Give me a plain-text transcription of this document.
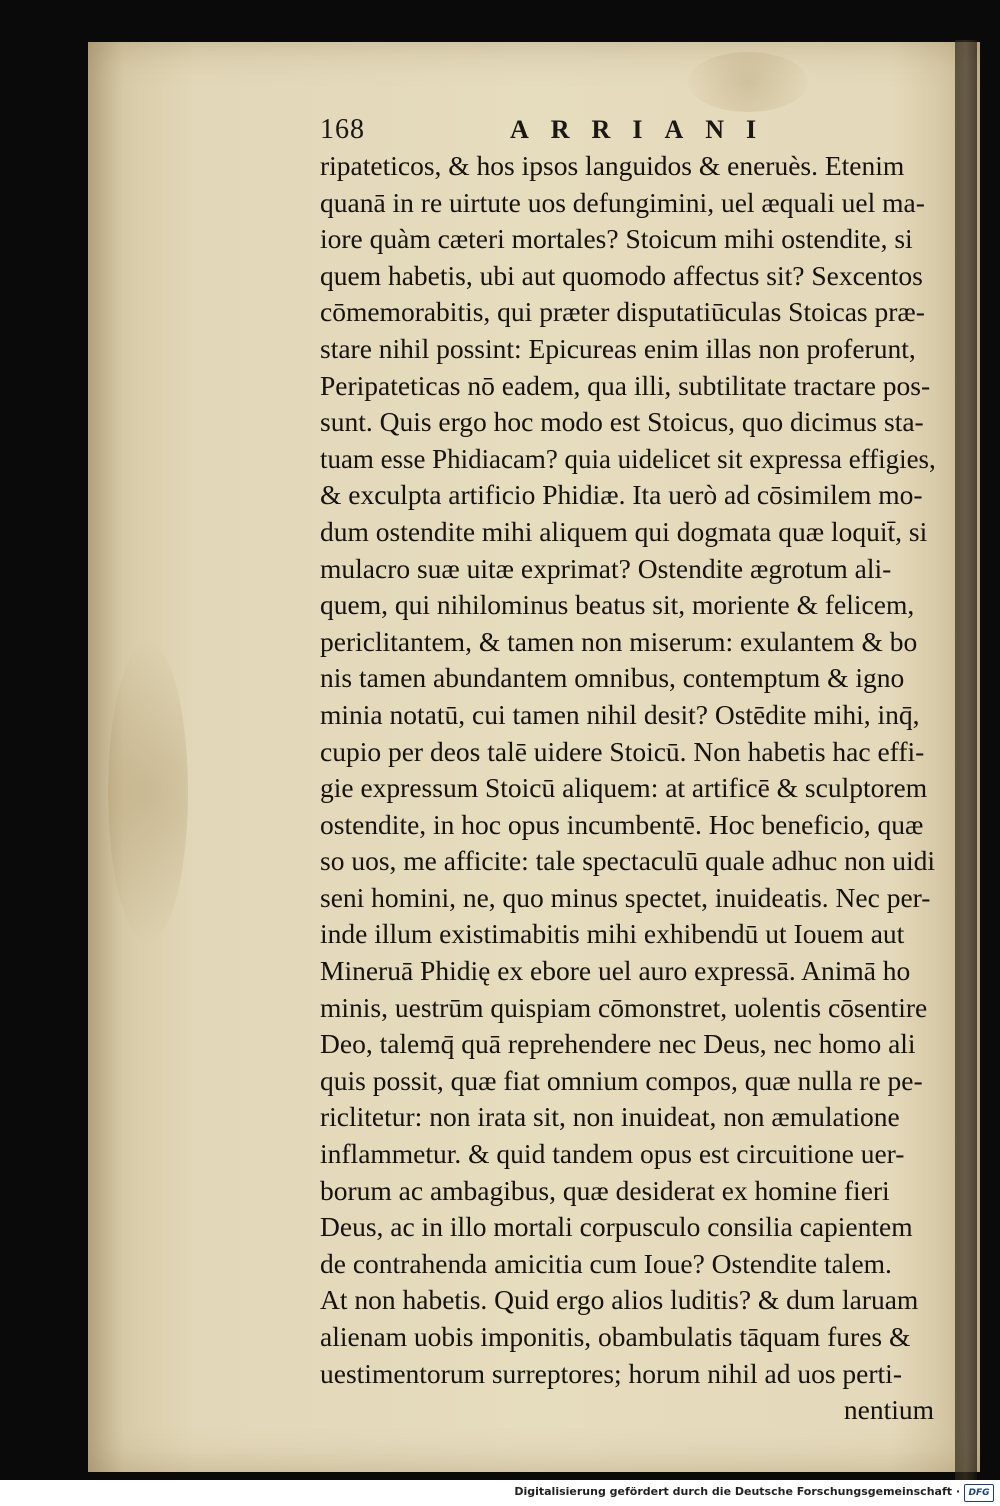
168	ARRIANI
ripateticos, & hos ipsos languidos & eneruès. Etenim
quanā in re uirtute uos defungimini, uel æquali uel ma-
iore quàm cæteri mortales? Stoicum mihi ostendite, si
quem habetis, ubi aut quomodo affectus sit? Sexcentos
cōmemorabitis, qui præter disputatiūculas Stoicas præ-
stare nihil possint: Epicureas enim illas non proferunt,
Peripateticas nō eadem, qua illi, subtilitate tractare pos-
sunt. Quis ergo hoc modo est Stoicus, quo dicimus sta-
tuam esse Phidiacam? quia uidelicet sit expressa effigies,
& exculpta artificio Phidiæ. Ita uerò ad cōsimilem mo-
dum ostendite mihi aliquem qui dogmata quæ loquit̄, si
mulacro suæ uitæ exprimat? Ostendite ægrotum ali-
quem, qui nihilominus beatus sit, moriente & felicem,
periclitantem, & tamen non miserum: exulantem & bo
nis tamen abundantem omnibus, contemptum & igno
minia notatū, cui tamen nihil desit? Ostēdite mihi, inq̄,
cupio per deos talē uidere Stoicū. Non habetis hac effi-
gie expressum Stoicū aliquem: at artificē & sculptorem
ostendite, in hoc opus incumbentē. Hoc beneficio, quæ
so uos, me afficite: tale spectaculū quale adhuc non uidi
seni homini, ne, quo minus spectet, inuideatis. Nec per-
inde illum existimabitis mihi exhibendū ut Iouem aut
Mineruā Phidię ex ebore uel auro expressā. Animā ho
minis, uestrūm quispiam cōmonstret, uolentis cōsentire
Deo, talemq̄ quā reprehendere nec Deus, nec homo ali
quis possit, quæ fiat omnium compos, quæ nulla re pe-
riclitetur: non irata sit, non inuideat, non æmulatione
inflammetur. & quid tandem opus est circuitione uer-
borum ac ambagibus, quæ desiderat ex homine fieri
Deus, ac in illo mortali corpusculo consilia capientem
de contrahenda amicitia cum Ioue? Ostendite talem.
At non habetis. Quid ergo alios luditis? & dum laruam
alienam uobis imponitis, obambulatis tāquam fures &
uestimentorum surreptores; horum nihil ad uos perti-
nentium
Digitalisierung gefördert durch die Deutsche Forschungsgemeinschaft · DFG
